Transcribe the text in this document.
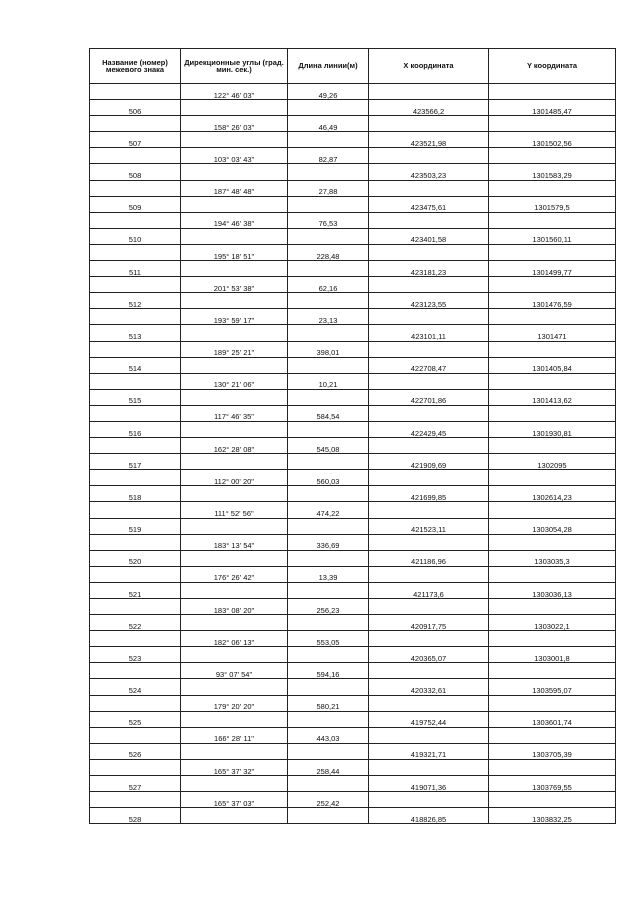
Название (номер) межевого знака	Дирекционные углы (град. мин. сек.)	Длина линии(м)	X координата	Y координата

	122° 46' 03"	49,26		
506			423566,2	1301485,47
	158° 26' 03"	46,49		
507			423521,98	1301502,56
	103° 03' 43"	82,87		
508			423503,23	1301583,29
	187° 48' 48"	27,88		
509			423475,61	1301579,5
	194° 46' 38"	76,53		
510			423401,58	1301560,11
	195° 18' 51"	228,48		
511			423181,23	1301499,77
	201° 53' 38"	62,16		
512			423123,55	1301476,59
	193° 59' 17"	23,13		
513			423101,11	1301471
	189° 25' 21"	398,01		
514			422708,47	1301405,84
	130° 21' 06"	10,21		
515			422701,86	1301413,62
	117° 46' 35"	584,54		
516			422429,45	1301930,81
	162° 28' 08"	545,08		
517			421909,69	1302095
	112° 00' 20"	560,03		
518			421699,85	1302614,23
	111° 52' 56"	474,22		
519			421523,11	1303054,28
	183° 13' 54"	336,69		
520			421186,96	1303035,3
	176° 26' 42"	13,39		
521			421173,6	1303036,13
	183° 08' 20"	256,23		
522			420917,75	1303022,1
	182° 06' 13"	553,05		
523			420365,07	1303001,8
	93° 07' 54"	594,16		
524			420332,61	1303595,07
	179° 20' 20"	580,21		
525			419752,44	1303601,74
	166° 28' 11"	443,03		
526			419321,71	1303705,39
	165° 37' 32"	258,44		
527			419071,36	1303769,55
	165° 37' 03"	252,42		
528			418826,85	1303832,25
